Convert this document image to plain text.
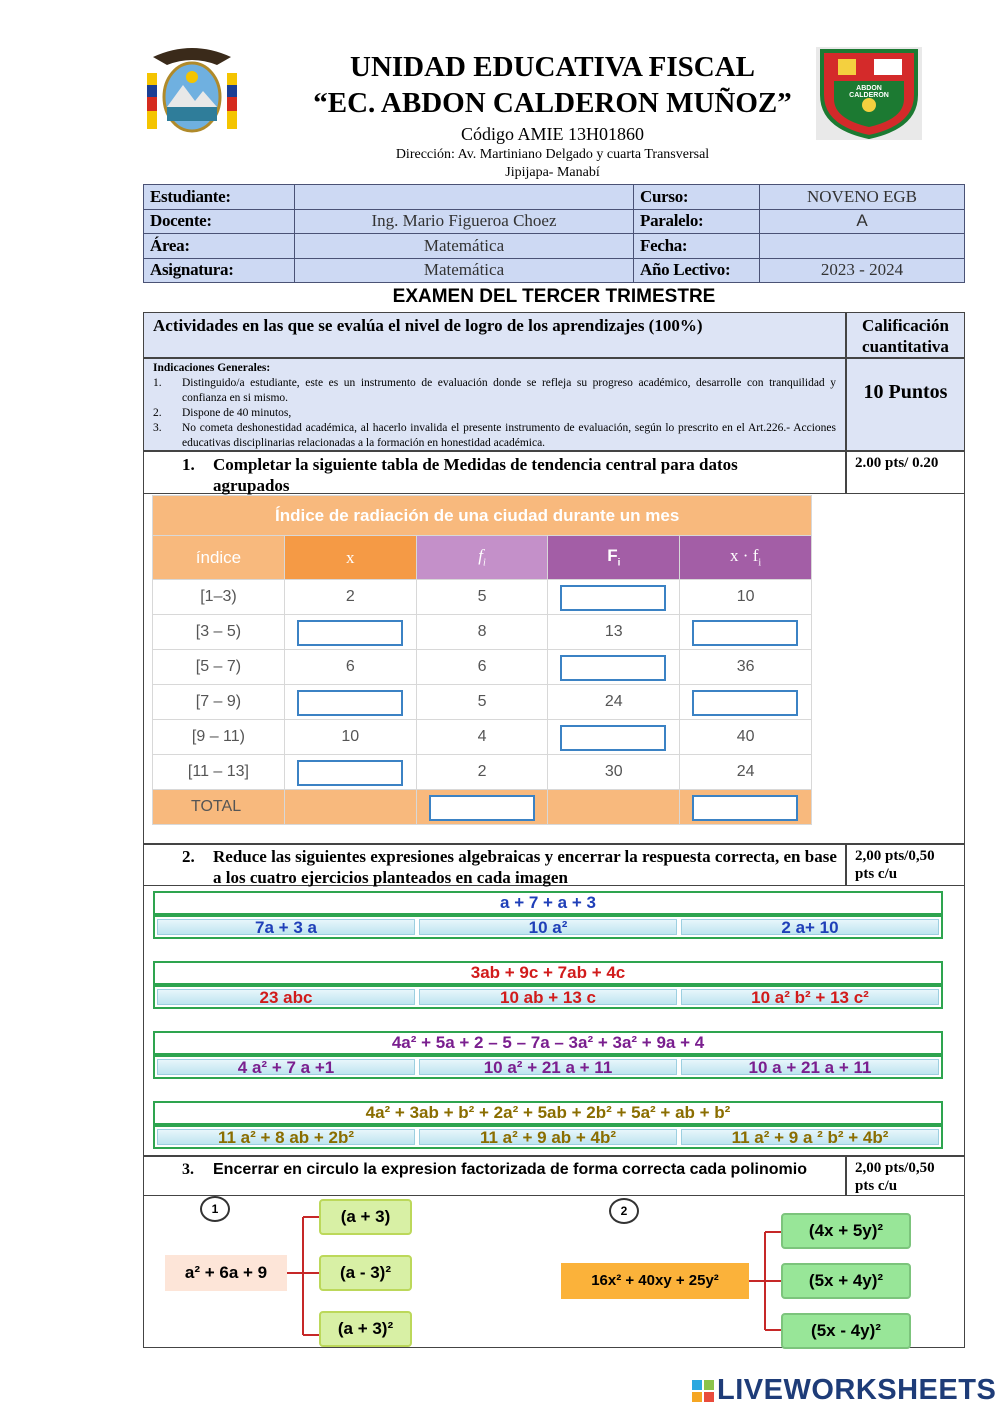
ABDON CALDERON
UNIDAD EDUCATIVA FISCAL
“EC. ABDON CALDERON MUÑOZ”
Código AMIE 13H01860
Dirección: Av. Martiniano Delgado y cuarta Transversal
Jipijapa- Manabí
Estudiante:		Curso:	NOVENO EGB
Docente:	Ing. Mario Figueroa Choez	Paralelo:	A
Área:	Matemática	Fecha:	
Asignatura:	Matemática	Año Lectivo:	2023 - 2024
EXAMEN DEL TERCER TRIMESTRE
Actividades en las que se evalúa el nivel de logro de los aprendizajes (100%)	Calificación cuantitativa
Indicaciones Generales:
1. Distinguido/a estudiante, este es un instrumento de evaluación donde se refleja su progreso académico, desarrolle con tranquilidad y confianza en si mismo.
2. Dispone de 40 minutos,
3. No cometa deshonestidad académica, al hacerlo invalida el presente instrumento de evaluación, según lo prescrito en el Art.226.- Acciones educativas disciplinarias relacionadas a la formación en honestidad académica.
10 Puntos
1. Completar la siguiente tabla de Medidas de tendencia central para datos agrupados
2.00 pts/ 0.20
Índice de radiación de una ciudad durante un mes				
índice	x	$f_i$	$F_i$	$x \cdot f_i$
[1–3)	2	5		10
[3 – 5)		8	13	

[5 – 7)	6	6		36
[7 – 9)		5	24	

[9 – 11)	10	4		40
[11 – 13]		2	30	24
TOTAL		

2. Reduce las siguientes expresiones algebraicas y encerrar la respuesta correcta, en base a los cuatro ejercicios planteados en cada imagen
2,00 pts/0,50 pts c/u
a + 7 + a + 3
7a + 3 a	10 a²	2 a+ 10
3ab + 9c + 7ab + 4c
23 abc	10 ab + 13 c	10 a² b² + 13 c²
4a² + 5a + 2 – 5 – 7a – 3a² + 3a² + 9a + 4
4 a² + 7 a +1	10 a² + 21 a + 11	10 a + 21 a + 11
4a² + 3ab + b² + 2a² + 5ab + 2b² + 5a² + ab + b²
11 a² + 8 ab + 2b²	11 a² + 9 ab + 4b²	11 a² + 9 a ² b² + 4b²
3. Encerrar en circulo la expresion factorizada de forma correcta cada polinomio	2,00 pts/0,50 pts c/u
1
a² + 6a + 9
(a + 3)
(a - 3)²
(a + 3)²
2
16x² + 40xy + 25y²
(4x + 5y)²
(5x + 4y)²
(5x - 4y)²
LIVEWORKSHEETS
